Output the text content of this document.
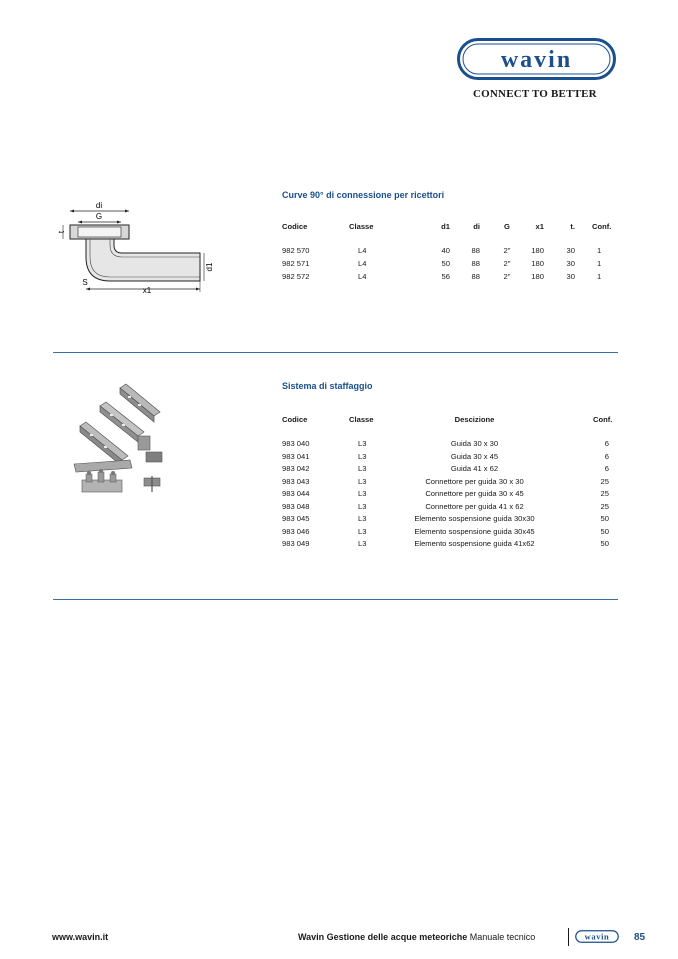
wavin
CONNECT TO BETTER
di
G
t
d1
S
x1
Curve 90° di connessione per ricettori
Codice	Classe	d1	di	G	x1	t. Conf.
982 570	L4	40	88	2"	180	30	1
982 571	L4	50	88	2"	180	30	1
982 572	L4	56	88	2"	180	30	1
Sistema di staffaggio
Codice	Classe	Descizione	Conf.
983 040	L3	Guida 30 x 30	6
983 041	L3	Guida 30 x 45	6
983 042	L3	Guida 41 x 62	6
983 043	L3	Connettore per guida 30 x 30	25
983 044	L3	Connettore per guida 30 x 45	25
983 048	L3	Connettore per guida 41 x 62	25
983 045	L3	Elemento sospensione guida 30x30	50
983 046	L3	Elemento sospensione guida 30x45	50
983 049	L3	Elemento sospensione guida 41x62	50
www.wavin.it	Wavin Gestione delle acque meteoriche Manuale tecnico	wavin 85
